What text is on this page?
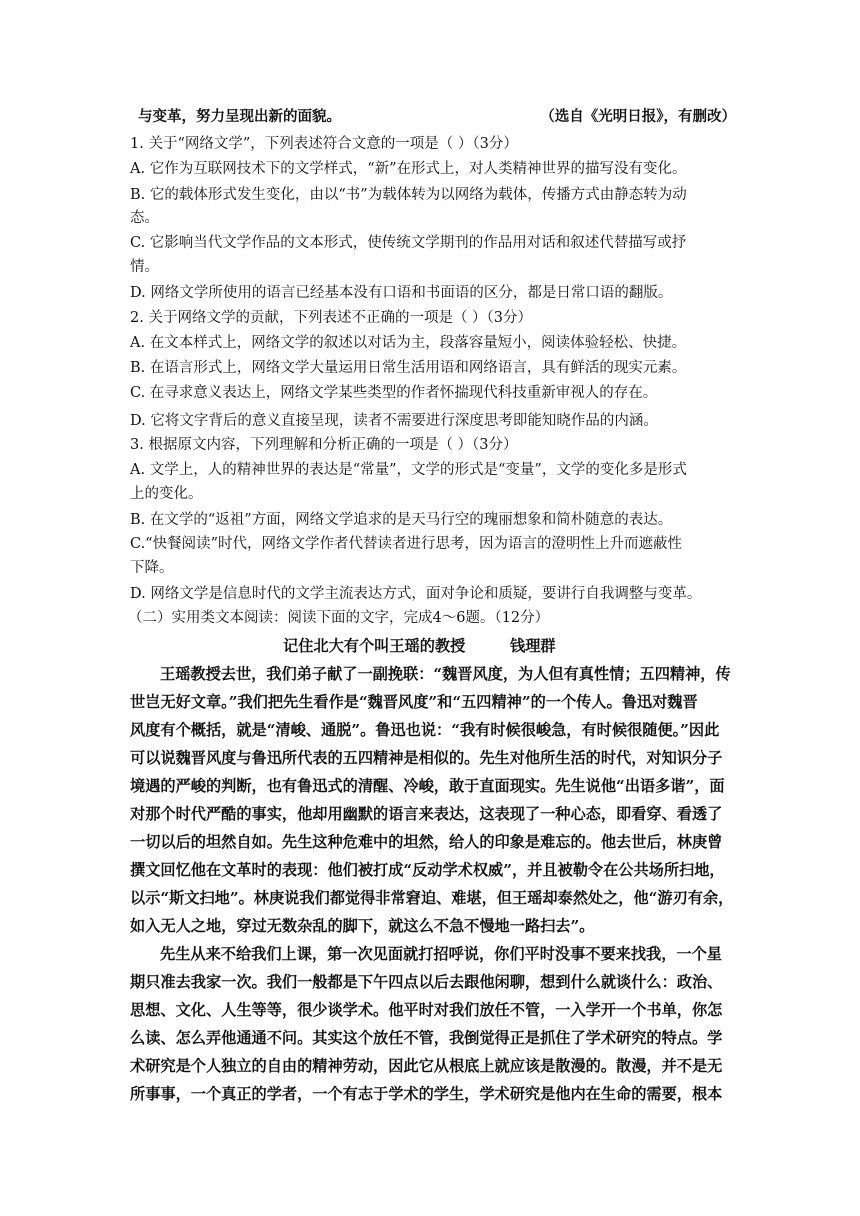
与变革，努力呈现出新的面貌。	（选自《光明日报》，有删改）
1. 关于“网络文学”，下列表述符合文意的一项是（ ）（3分）
A. 它作为互联网技术下的文学样式，“新”在形式上，对人类精神世界的描写没有变化。
B. 它的载体形式发生变化，由以“书”为载体转为以网络为载体，传播方式由静态转为动
态。
C. 它影响当代文学作品的文本形式，使传统文学期刊的作品用对话和叙述代替描写或抒
情。
D. 网络文学所使用的语言已经基本没有口语和书面语的区分，都是日常口语的翻版。
2. 关于网络文学的贡献，下列表述不正确的一项是（ ）（3分）
A. 在文本样式上，网络文学的叙述以对话为主，段落容量短小，阅读体验轻松、快捷。
B. 在语言形式上，网络文学大量运用日常生活用语和网络语言，具有鲜活的现实元素。
C. 在寻求意义表达上，网络文学某些类型的作者怀揣现代科技重新审视人的存在。
D. 它将文字背后的意义直接呈现，读者不需要进行深度思考即能知晓作品的内涵。
3. 根据原文内容，下列理解和分析正确的一项是（ ）（3分）
A. 文学上，人的精神世界的表达是“常量”，文学的形式是“变量”，文学的变化多是形式
上的变化。
B. 在文学的“返祖”方面，网络文学追求的是天马行空的瑰丽想象和简朴随意的表达。
C.“快餐阅读”时代，网络文学作者代替读者进行思考，因为语言的澄明性上升而遮蔽性
下降。
D. 网络文学是信息时代的文学主流表达方式，面对争论和质疑，要讲行自我调整与变革。
（二）实用类文本阅读：阅读下面的文字，完成4～6题。（12分）
记住北大有个叫王瑶的教授	钱理群
王瑶教授去世，我们弟子献了一副挽联：“魏晋风度，为人但有真性情；五四精神，传
世岂无好文章。”我们把先生看作是“魏晋风度”和“五四精神”的一个传人。鲁迅对魏晋
风度有个概括，就是“清峻、通脱”。鲁迅也说：“我有时候很峻急，有时候很随便。”因此
可以说魏晋风度与鲁迅所代表的五四精神是相似的。先生对他所生活的时代，对知识分子
境遇的严峻的判断，也有鲁迅式的清醒、冷峻，敢于直面现实。先生说他“出语多谐”，面
对那个时代严酷的事实，他却用幽默的语言来表达，这表现了一种心态，即看穿、看透了
一切以后的坦然自如。先生这种危难中的坦然，给人的印象是难忘的。他去世后，林庚曾
撰文回忆他在文革时的表现：他们被打成“反动学术权威”，并且被勒令在公共场所扫地，
以示“斯文扫地”。林庚说我们都觉得非常窘迫、难堪，但王瑶却泰然处之，他“游刃有余，
如入无人之地，穿过无数杂乱的脚下，就这么不急不慢地一路扫去”。
先生从来不给我们上课，第一次见面就打招呼说，你们平时没事不要来找我，一个星
期只准去我家一次。我们一般都是下午四点以后去跟他闲聊，想到什么就谈什么：政治、
思想、文化、人生等等，很少谈学术。他平时对我们放任不管，一入学开一个书单，你怎
么读、怎么弄他通通不问。其实这个放任不管，我倒觉得正是抓住了学术研究的特点。学
术研究是个人独立的自由的精神劳动，因此它从根底上就应该是散漫的。散漫，并不是无
所事事，一个真正的学者，一个有志于学术的学生，学术研究是他内在生命的需要，根本
